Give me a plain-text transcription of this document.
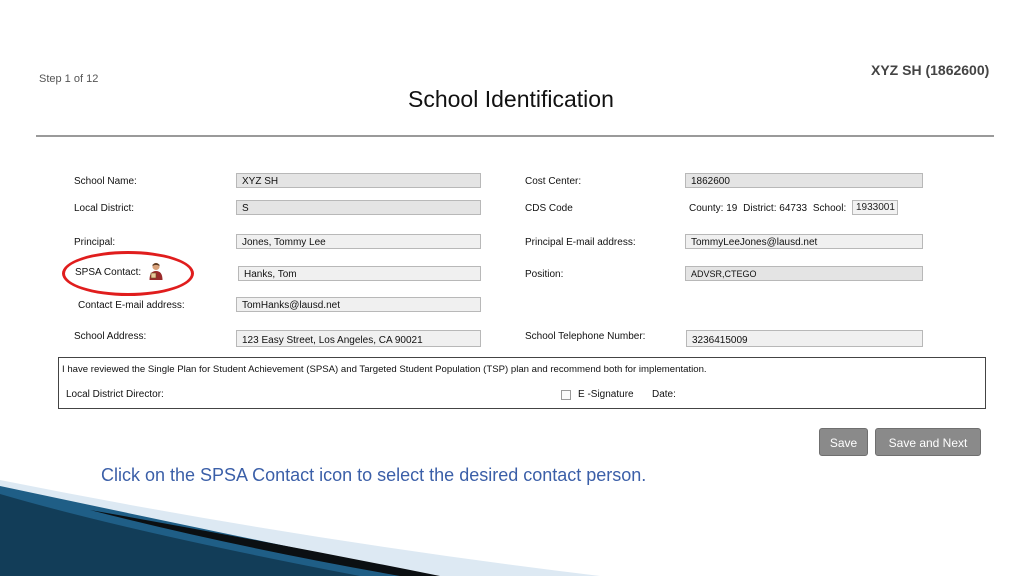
Step 1 of 12
XYZ SH (1862600)
School Identification
School Name:	XYZ SH
Local District:	S
Principal:	Jones, Tommy Lee
SPSA Contact:	Hanks, Tom
Contact E-mail address:	TomHanks@lausd.net
School Address:	123 Easy Street, Los Angeles, CA 90021
Cost Center:	1862600
CDS Code	County: 19 District: 64733 School: 1933001
Principal E-mail address:	TommyLeeJones@lausd.net
Position:	ADVSR,CTEGO
School Telephone Number:	3236415009
I have reviewed the Single Plan for Student Achievement (SPSA) and Targeted Student Population (TSP) plan and recommend both for implementation.
Local District Director:	E -Signature Date:
Save	Save and Next
Click on the SPSA Contact icon to select the desired contact person.
